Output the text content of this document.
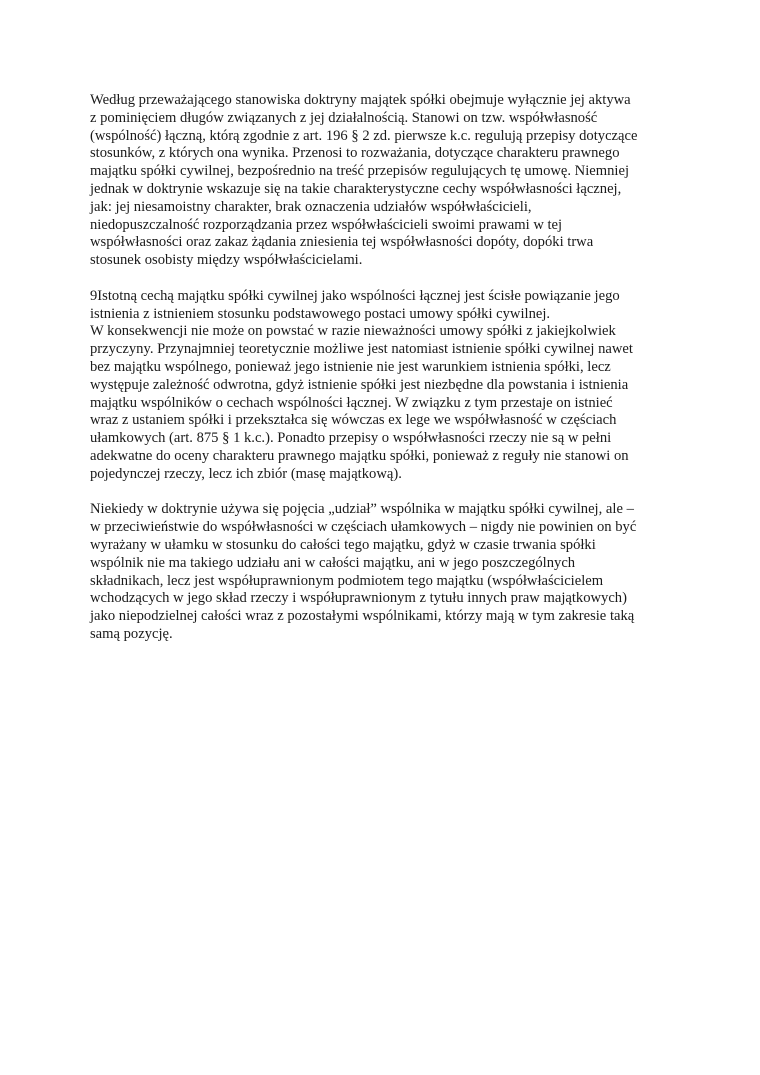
Według przeważającego stanowiska doktryny majątek spółki obejmuje wyłącznie jej aktywa
z pominięciem długów związanych z jej działalnością. Stanowi on tzw. współwłasność
(wspólność) łączną, którą zgodnie z art. 196 § 2 zd. pierwsze k.c. regulują przepisy dotyczące
stosunków, z których ona wynika. Przenosi to rozważania, dotyczące charakteru prawnego
majątku spółki cywilnej, bezpośrednio na treść przepisów regulujących tę umowę. Niemniej
jednak w doktrynie wskazuje się na takie charakterystyczne cechy współwłasności łącznej,
jak: jej niesamoistny charakter, brak oznaczenia udziałów współwłaścicieli,
niedopuszczalność rozporządzania przez współwłaścicieli swoimi prawami w tej
współwłasności oraz zakaz żądania zniesienia tej współwłasności dopóty, dopóki trwa
stosunek osobisty między współwłaścicielami.

9Istotną cechą majątku spółki cywilnej jako wspólności łącznej jest ścisłe powiązanie jego
istnienia z istnieniem stosunku podstawowego postaci umowy spółki cywilnej.
W konsekwencji nie może on powstać w razie nieważności umowy spółki z jakiejkolwiek
przyczyny. Przynajmniej teoretycznie możliwe jest natomiast istnienie spółki cywilnej nawet
bez majątku wspólnego, ponieważ jego istnienie nie jest warunkiem istnienia spółki, lecz
występuje zależność odwrotna, gdyż istnienie spółki jest niezbędne dla powstania i istnienia
majątku wspólników o cechach wspólności łącznej. W związku z tym przestaje on istnieć
wraz z ustaniem spółki i przekształca się wówczas ex lege we współwłasność w częściach
ułamkowych (art. 875 § 1 k.c.). Ponadto przepisy o współwłasności rzeczy nie są w pełni
adekwatne do oceny charakteru prawnego majątku spółki, ponieważ z reguły nie stanowi on
pojedynczej rzeczy, lecz ich zbiór (masę majątkową).

Niekiedy w doktrynie używa się pojęcia „udział” wspólnika w majątku spółki cywilnej, ale –
w przeciwieństwie do współwłasności w częściach ułamkowych – nigdy nie powinien on być
wyrażany w ułamku w stosunku do całości tego majątku, gdyż w czasie trwania spółki
wspólnik nie ma takiego udziału ani w całości majątku, ani w jego poszczególnych
składnikach, lecz jest współuprawnionym podmiotem tego majątku (współwłaścicielem
wchodzących w jego skład rzeczy i współuprawnionym z tytułu innych praw majątkowych)
jako niepodzielnej całości wraz z pozostałymi wspólnikami, którzy mają w tym zakresie taką
samą pozycję.
